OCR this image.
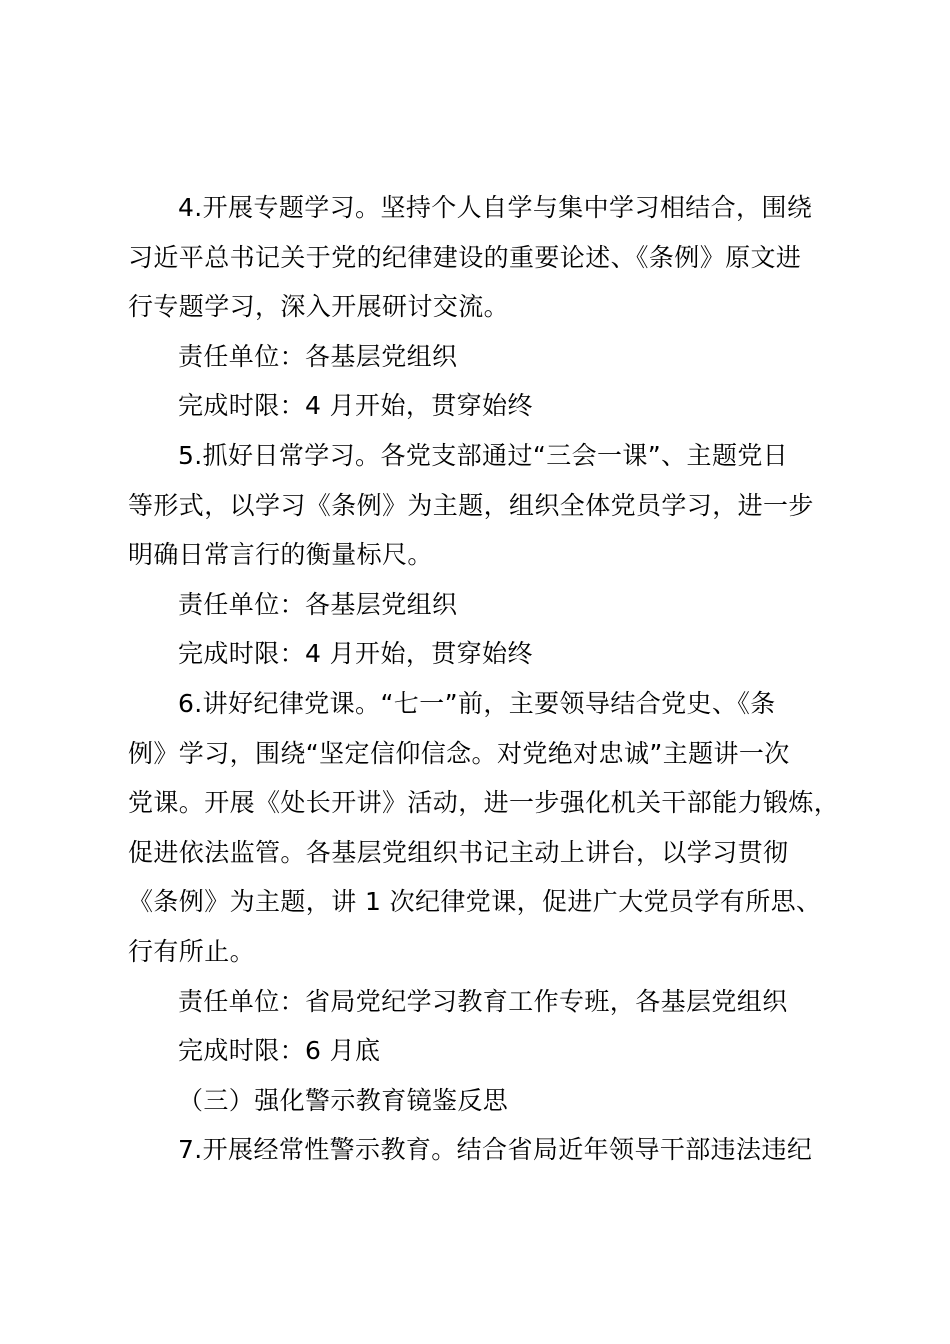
4.开展专题学习。坚持个人自学与集中学习相结合，围绕
习近平总书记关于党的纪律建设的重要论述、《条例》原文进
行专题学习，深入开展研讨交流。

责任单位：各基层党组织

完成时限：4 月开始，贯穿始终

5.抓好日常学习。各党支部通过“三会一课”、主题党日
等形式，以学习《条例》为主题，组织全体党员学习，进一步
明确日常言行的衡量标尺。

责任单位：各基层党组织

完成时限：4 月开始，贯穿始终

6.讲好纪律党课。“七一”前，主要领导结合党史、《条
例》学习，围绕“坚定信仰信念。对党绝对忠诚”主题讲一次
党课。开展《处长开讲》活动，进一步强化机关干部能力锻炼，
促进依法监管。各基层党组织书记主动上讲台，以学习贯彻
《条例》为主题，讲 1 次纪律党课，促进广大党员学有所思、
行有所止。

责任单位：省局党纪学习教育工作专班，各基层党组织

完成时限：6 月底

（三）强化警示教育镜鉴反思

7.开展经常性警示教育。结合省局近年领导干部违法违纪
